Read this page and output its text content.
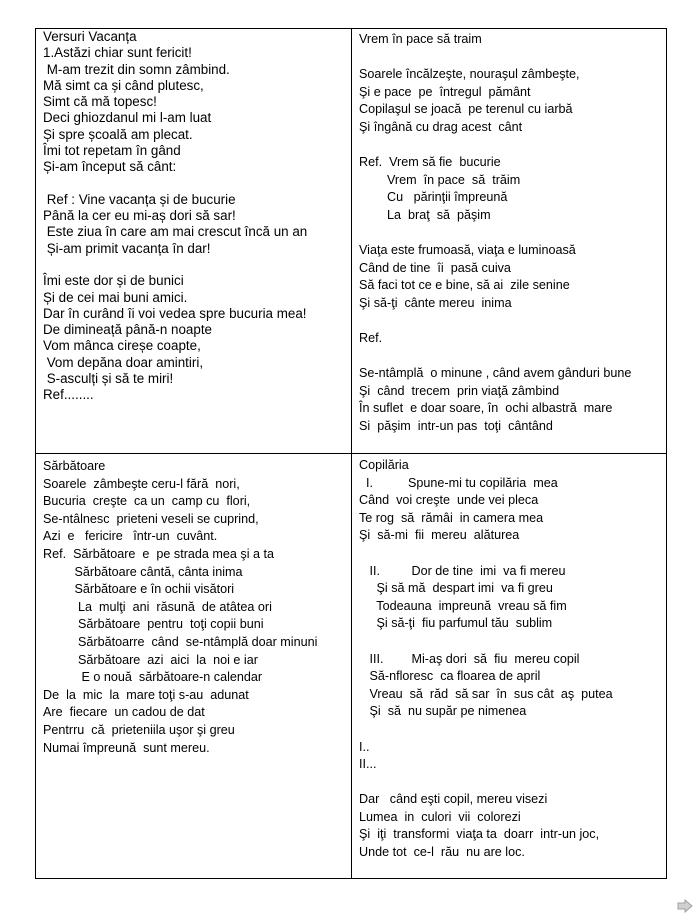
Versuri Vacanța
1.Astăzi chiar sunt fericit!
M-am trezit din somn zâmbind.
Mă simt ca și când plutesc,
Simt că mă topesc!
Deci ghiozdanul mi l-am luat
Și spre școală am plecat.
Îmi tot repetam în gând
Și-am început să cânt:
Ref : Vine vacanța și de bucurie
Până la cer eu mi-aș dori să sar!
Este ziua în care am mai crescut încă un an
Și-am primit vacanța în dar!
Îmi este dor și de bunici
Și de cei mai buni amici.
Dar în curând îi voi vedea spre bucuria mea!
De dimineață până-n noapte
Vom mânca cireșe coapte,
Vom depăna doar amintiri,
S-asculți și să te miri!
Ref........
Vrem în pace să traim
Soarele încălzeşte, nouraşul zâmbeşte,
Şi e pace  pe  întregul  pământ
Copilaşul se joacă  pe terenul cu iarbă
Şi îngână cu drag acest  cânt
Ref.  Vrem să fie  bucurie
Vrem  în pace  să  trăim
Cu   părinţii împreună
La  braţ  să  păşim
Viaţa este frumoasă, viaţa e luminoasă
Când de tine  îi  pasă cuiva
Să faci tot ce e bine, să ai  zile senine
Şi să-ţi  cânte mereu  inima
Ref.
Se-ntâmplă  o minune , când avem gânduri bune
Şi  când  trecem  prin viaţă zâmbind
În suflet  e doar soare, în  ochi albastră  mare
Si  păşim  intr-un pas  toţi  cântând
Sărbătoare
Soarele  zâmbeşte ceru-l fără  nori,
Bucuria  creşte  ca un  camp cu  flori,
Se-ntâlnesc  prieteni veseli se cuprind,
Azi  e   fericire   într-un  cuvânt.
Ref.  Sărbătoare  e  pe strada mea şi a ta
Sărbătoare cântă, cânta inima
Sărbătoare e în ochii visători
La  mulţi  ani  răsună  de atâtea ori
Sărbătoare  pentru  toţi copii buni
Sărbătoarre  când  se-ntâmplă doar minuni
Sărbătoare  azi  aici  la  noi e iar
E o nouă  sărbătoare-n calendar
De  la  mic  la  mare toţi s-au  adunat
Are  fiecare  un cadou de dat
Pentrru  că  prieteniila uşor şi greu
Numai împreună  sunt mereu.
Copilăria
I.          Spune-mi tu copilăria  mea
Când  voi creşte  unde vei pleca
Te rog  să  rămâi  in camera mea
Şi  să-mi  fii  mereu  alăturea
II.         Dor de tine  imi  va fi mereu
Şi să mă  despart imi  va fi greu
Todeauna  impreună  vreau să fim
Şi să-ţi  fiu parfumul tău  sublim
III.        Mi-aş dori  să  fiu  mereu copil
Să-nfloresc  ca floarea de april
Vreau  să  răd  să sar  în  sus cât  aş  putea
Şi  să  nu supăr pe nimenea
I..
II...
Dar   când eşti copil, mereu visezi
Lumea  in  culori  vii  colorezi
Şi  iţi  transformi  viaţa ta  doarr  intr-un joc,
Unde tot  ce-l  rău  nu are loc.
